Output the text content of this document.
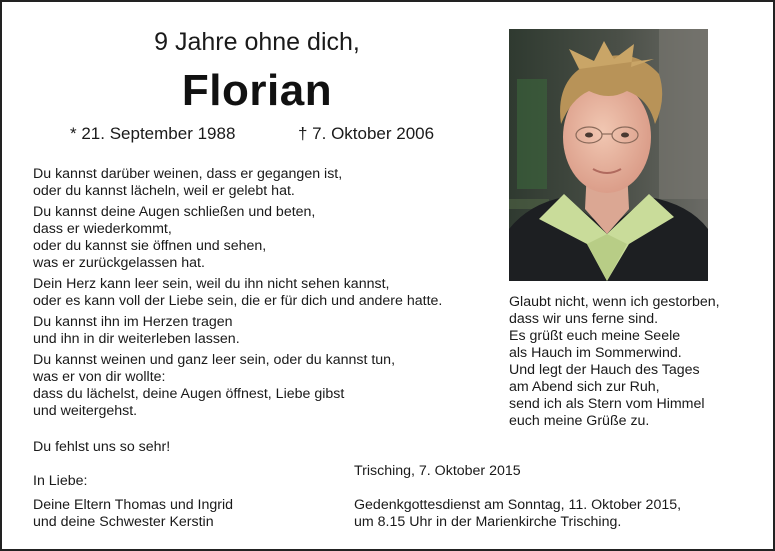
9 Jahre ohne dich,
Florian
* 21. September 1988	† 7. Oktober 2006
Du kannst darüber weinen, dass er gegangen ist,
oder du kannst lächeln, weil er gelebt hat.
Du kannst deine Augen schließen und beten,
dass er wiederkommt,
oder du kannst sie öffnen und sehen,
was er zurückgelassen hat.
Dein Herz kann leer sein, weil du ihn nicht sehen kannst,
oder es kann voll der Liebe sein, die er für dich und andere hatte.
Du kannst ihn im Herzen tragen
und ihn in dir weiterleben lassen.
Du kannst weinen und ganz leer sein, oder du kannst tun,
was er von dir wollte:
dass du lächelst, deine Augen öffnest, Liebe gibst
und weitergehst.
Du fehlst uns so sehr!
In Liebe:
Deine Eltern Thomas und Ingrid
und deine Schwester Kerstin
Trisching, 7. Oktober 2015
Gedenkgottesdienst am Sonntag, 11. Oktober 2015,
um 8.15 Uhr in der Marienkirche Trisching.
Glaubt nicht, wenn ich gestorben,
dass wir uns ferne sind.
Es grüßt euch meine Seele
als Hauch im Sommerwind.
Und legt der Hauch des Tages
am Abend sich zur Ruh,
send ich als Stern vom Himmel
euch meine Grüße zu.
